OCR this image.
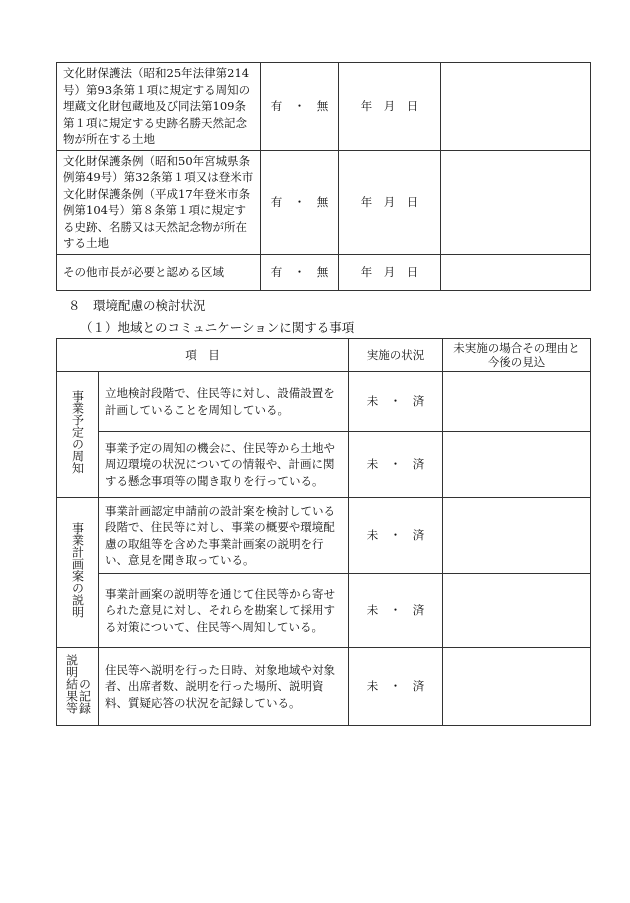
文化財保護法（昭和25年法律第214号）第93条第１項に規定する周知の埋蔵文化財包蔵地及び同法第109条第１項に規定する史跡名勝天然記念物が所在する土地	有　・　無	年　月　日	
文化財保護条例（昭和50年宮城県条例第49号）第32条第１項又は登米市文化財保護条例（平成17年登米市条例第104号）第８条第１項に規定する史跡、名勝又は天然記念物が所在する土地	有　・　無	年　月　日	
その他市長が必要と認める区域	有　・　無	年　月　日	
８　環境配慮の検討状況
（１）地域とのコミュニケーションに関する事項
項　目		実施の状況	未実施の場合その理由と今後の見込
事業予定の周知	立地検討段階で、住民等に対し、設備設置を計画していることを周知している。	未　・　済	
	事業予定の周知の機会に、住民等から土地や周辺環境の状況についての情報や、計画に関する懸念事項等の聞き取りを行っている。	未　・　済	
事業計画案の説明	事業計画認定申請前の設計案を検討している段階で、住民等に対し、事業の概要や環境配慮の取組等を含めた事業計画案の説明を行い、意見を聞き取っている。	未　・　済	
	事業計画案の説明等を通じて住民等から寄せられた意見に対し、それらを勘案して採用する対策について、住民等へ周知している。	未　・　済	
説明結果等の記録	住民等へ説明を行った日時、対象地域や対象者、出席者数、説明を行った場所、説明資料、質疑応答の状況を記録している。	未　・　済	
